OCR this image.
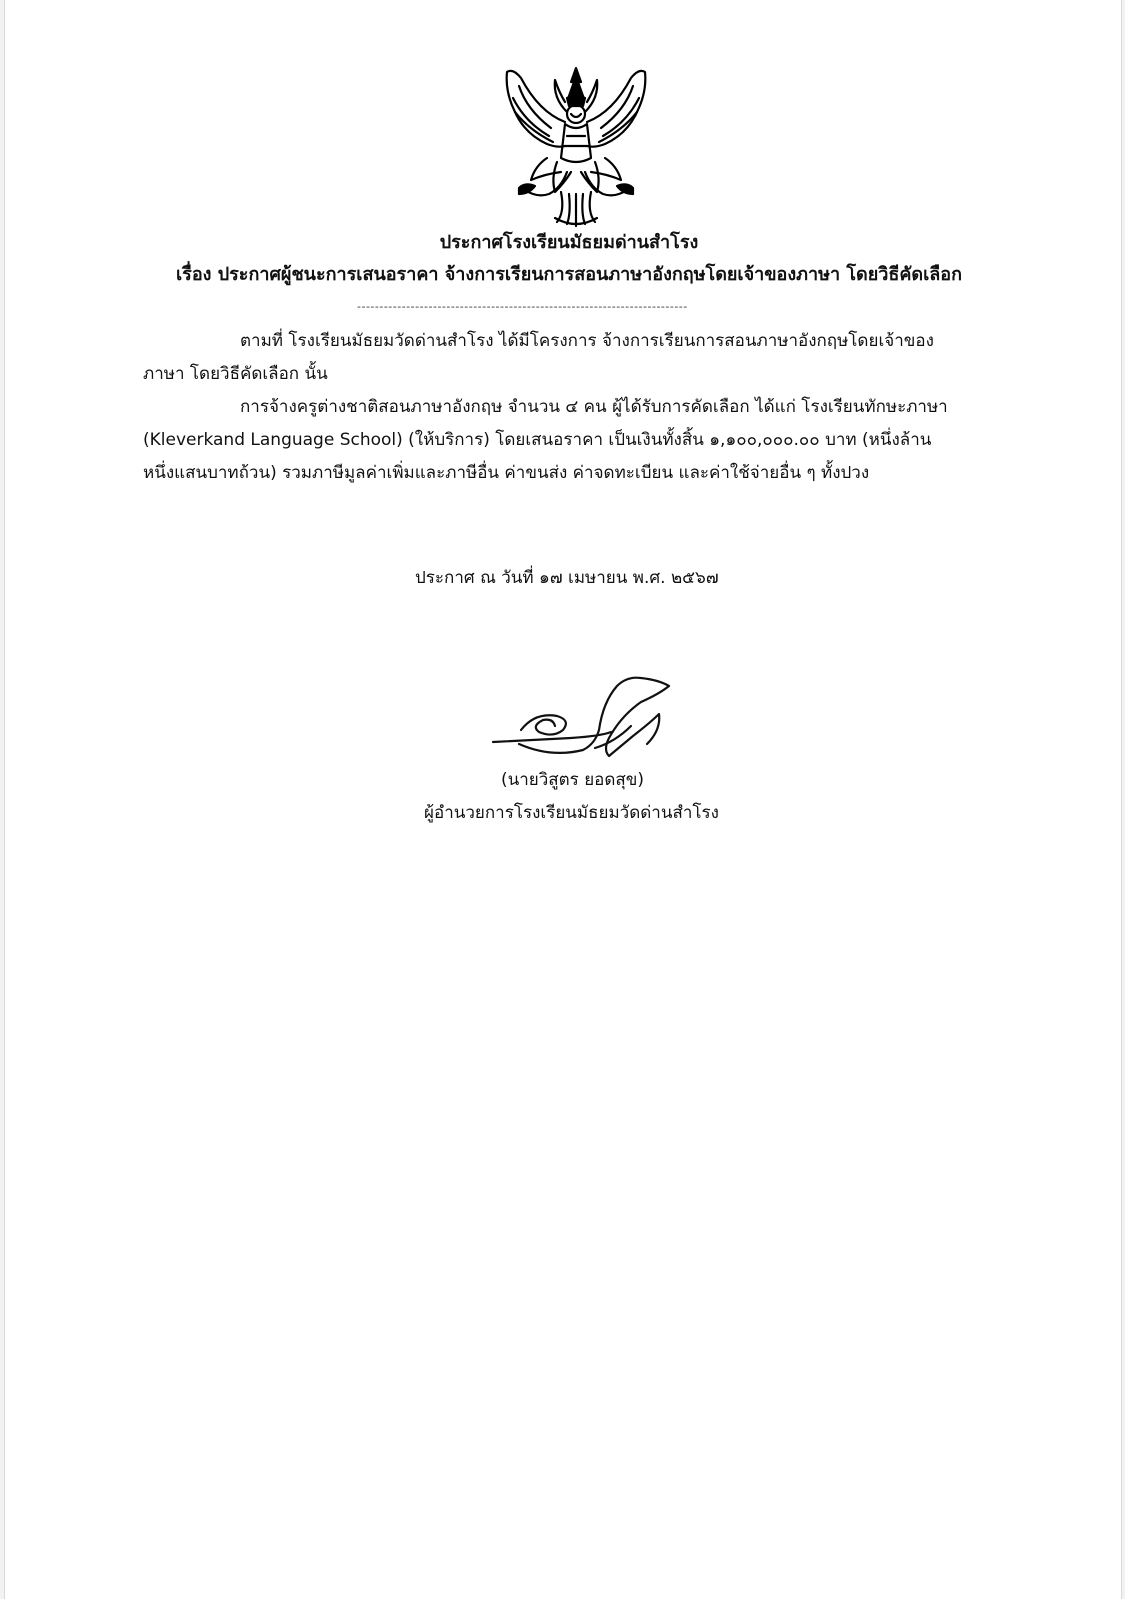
ประกาศโรงเรียนมัธยมด่านสำโรง
เรื่อง ประกาศผู้ชนะการเสนอราคา จ้างการเรียนการสอนภาษาอังกฤษโดยเจ้าของภาษา โดยวิธีคัดเลือก
--------------------------------------------------------------------------

ตามที่ โรงเรียนมัธยมวัดด่านสำโรง ได้มีโครงการ จ้างการเรียนการสอนภาษาอังกฤษโดยเจ้าของ

ภาษา โดยวิธีคัดเลือก นั้น

การจ้างครูต่างชาติสอนภาษาอังกฤษ จำนวน ๔ คน ผู้ได้รับการคัดเลือก ได้แก่ โรงเรียนทักษะภาษา

(Kleverkand Language School) (ให้บริการ) โดยเสนอราคา เป็นเงินทั้งสิ้น ๑,๑๐๐,๐๐๐.๐๐ บาท (หนึ่งล้าน

หนึ่งแสนบาทถ้วน) รวมภาษีมูลค่าเพิ่มและภาษีอื่น ค่าขนส่ง ค่าจดทะเบียน และค่าใช้จ่ายอื่น ๆ ทั้งปวง

ประกาศ ณ วันที่ ๑๗ เมษายน พ.ศ. ๒๕๖๗
(นายวิสูตร ยอดสุข)
ผู้อำนวยการโรงเรียนมัธยมวัดด่านสำโรง
